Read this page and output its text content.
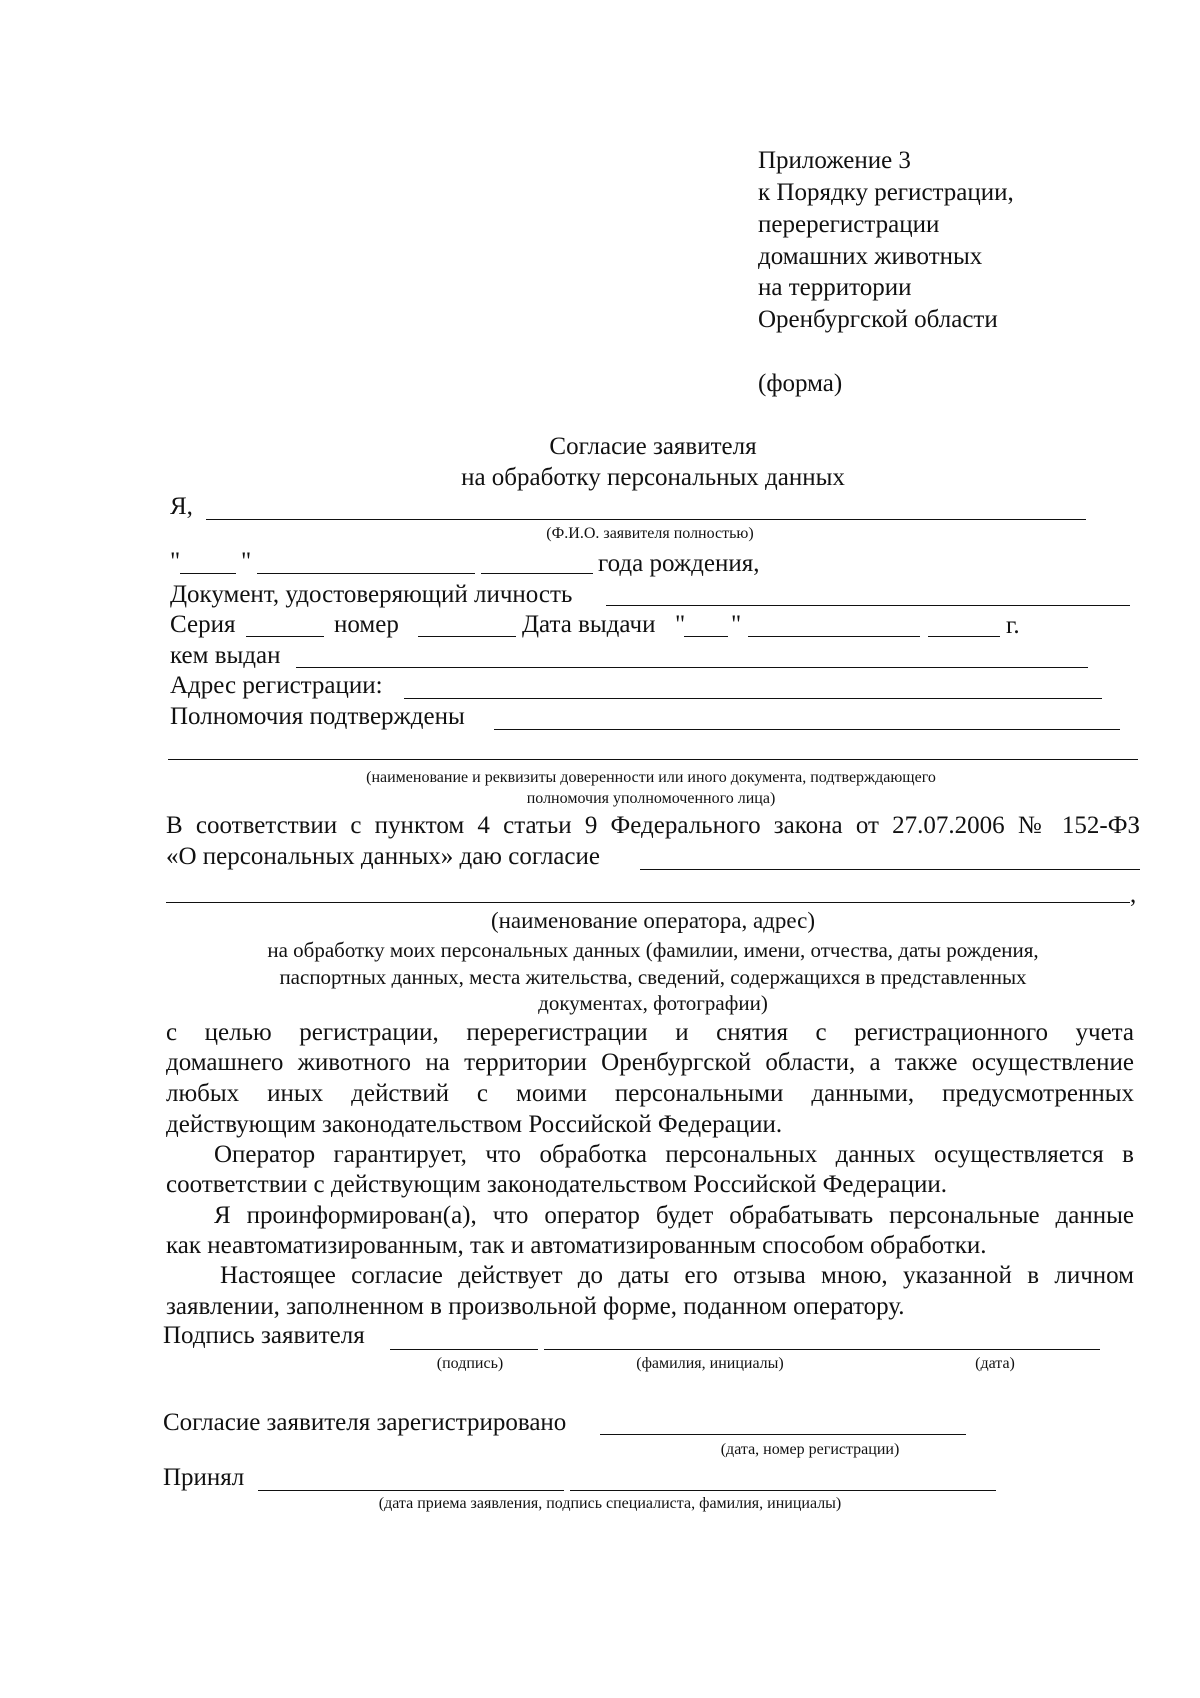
Приложение 3
к Порядку регистрации,
перерегистрации
домашних животных
на территории
Оренбургской области
(форма)
Согласие заявителя
на обработку персональных данных
Я,
(Ф.И.О. заявителя полностью)
" "	года рождения,
Документ, удостоверяющий личность
Серия	номер	Дата выдачи " "	г.
кем выдан
Адрес регистрации:
Полномочия подтверждены
(наименование и реквизиты доверенности или иного документа, подтверждающего
полномочия уполномоченного лица)
В соответствии с пунктом 4 статьи 9 Федерального закона от 27.07.2006 № 152-ФЗ
«О персональных данных» даю согласие
,
(наименование оператора, адрес)
на обработку моих персональных данных (фамилии, имени, отчества, даты рождения,
паспортных данных, места жительства, сведений, содержащихся в представленных
документах, фотографии)
с целью регистрации, перерегистрации и снятия с регистрационного учета
домашнего животного на территории Оренбургской области, а также осуществление
любых иных действий с моими персональными данными, предусмотренных
действующим законодательством Российской Федерации.
Оператор гарантирует, что обработка персональных данных осуществляется в
соответствии с действующим законодательством Российской Федерации.
Я проинформирован(а), что оператор будет обрабатывать персональные данные
как неавтоматизированным, так и автоматизированным способом обработки.
Настоящее согласие действует до даты его отзыва мною, указанной в личном
заявлении, заполненном в произвольной форме, поданном оператору.
Подпись заявителя
(подпись)	(фамилия, инициалы)	(дата)
Согласие заявителя зарегистрировано
(дата, номер регистрации)
Принял
(дата приема заявления, подпись специалиста, фамилия, инициалы)
